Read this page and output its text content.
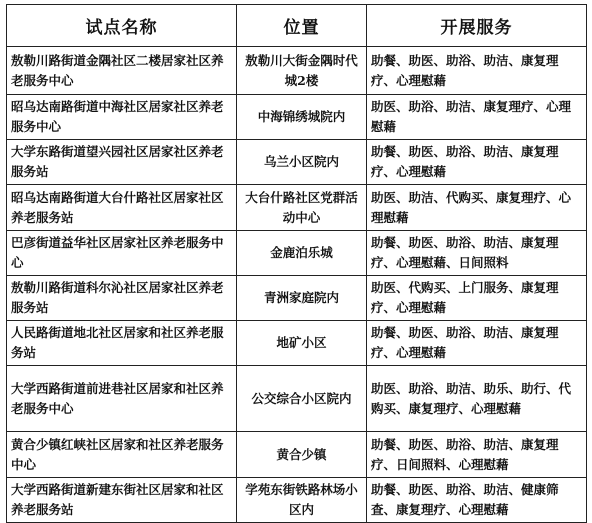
试点名称	位置	开展服务
敖勒川路街道金隅社区二楼居家社区养老服务中心	敖勒川大街金隅时代城2楼	助餐、助医、助浴、助洁、康复理疗、心理慰藉
昭乌达南路街道中海社区居家社区养老服务中心	中海锦绣城院内	助医、助浴、助洁、康复理疗、心理慰藉
大学东路街道望兴园社区居家社区养老服务站	乌兰小区院内	助餐、助医、助浴、助洁、康复理疗、心理慰藉
昭乌达南路街道大台什路社区居家社区养老服务站	大台什路社区党群活动中心	助医、助洁、代购买、康复理疗、心理慰藉
巴彦街道益华社区居家社区养老服务中心	金鹿泊乐城	助餐、助医、助浴、助洁、康复理疗、心理慰藉、日间照料
敖勒川路街道科尔沁社区居家社区养老服务站	青洲家庭院内	助医、代购买、上门服务、康复理疗、心理慰藉
人民路街道地北社区居家和社区养老服务站	地矿小区	助餐、助医、助浴、助洁、康复理疗、心理慰藉
大学西路街道前进巷社区居家和社区养老服务中心	公交综合小区院内	助医、助浴、助洁、助乐、助行、代购买、康复理疗、心理慰藉
黄合少镇红峡社区居家和社区养老服务中心	黄合少镇	助餐、助医、助浴、助洁、康复理疗、日间照料、心理慰藉
大学西路街道新建东街社区居家和社区养老服务站	学苑东街铁路林场小区内	助餐、助医、助浴、助洁、健康筛查、康复理疗、心理慰藉
